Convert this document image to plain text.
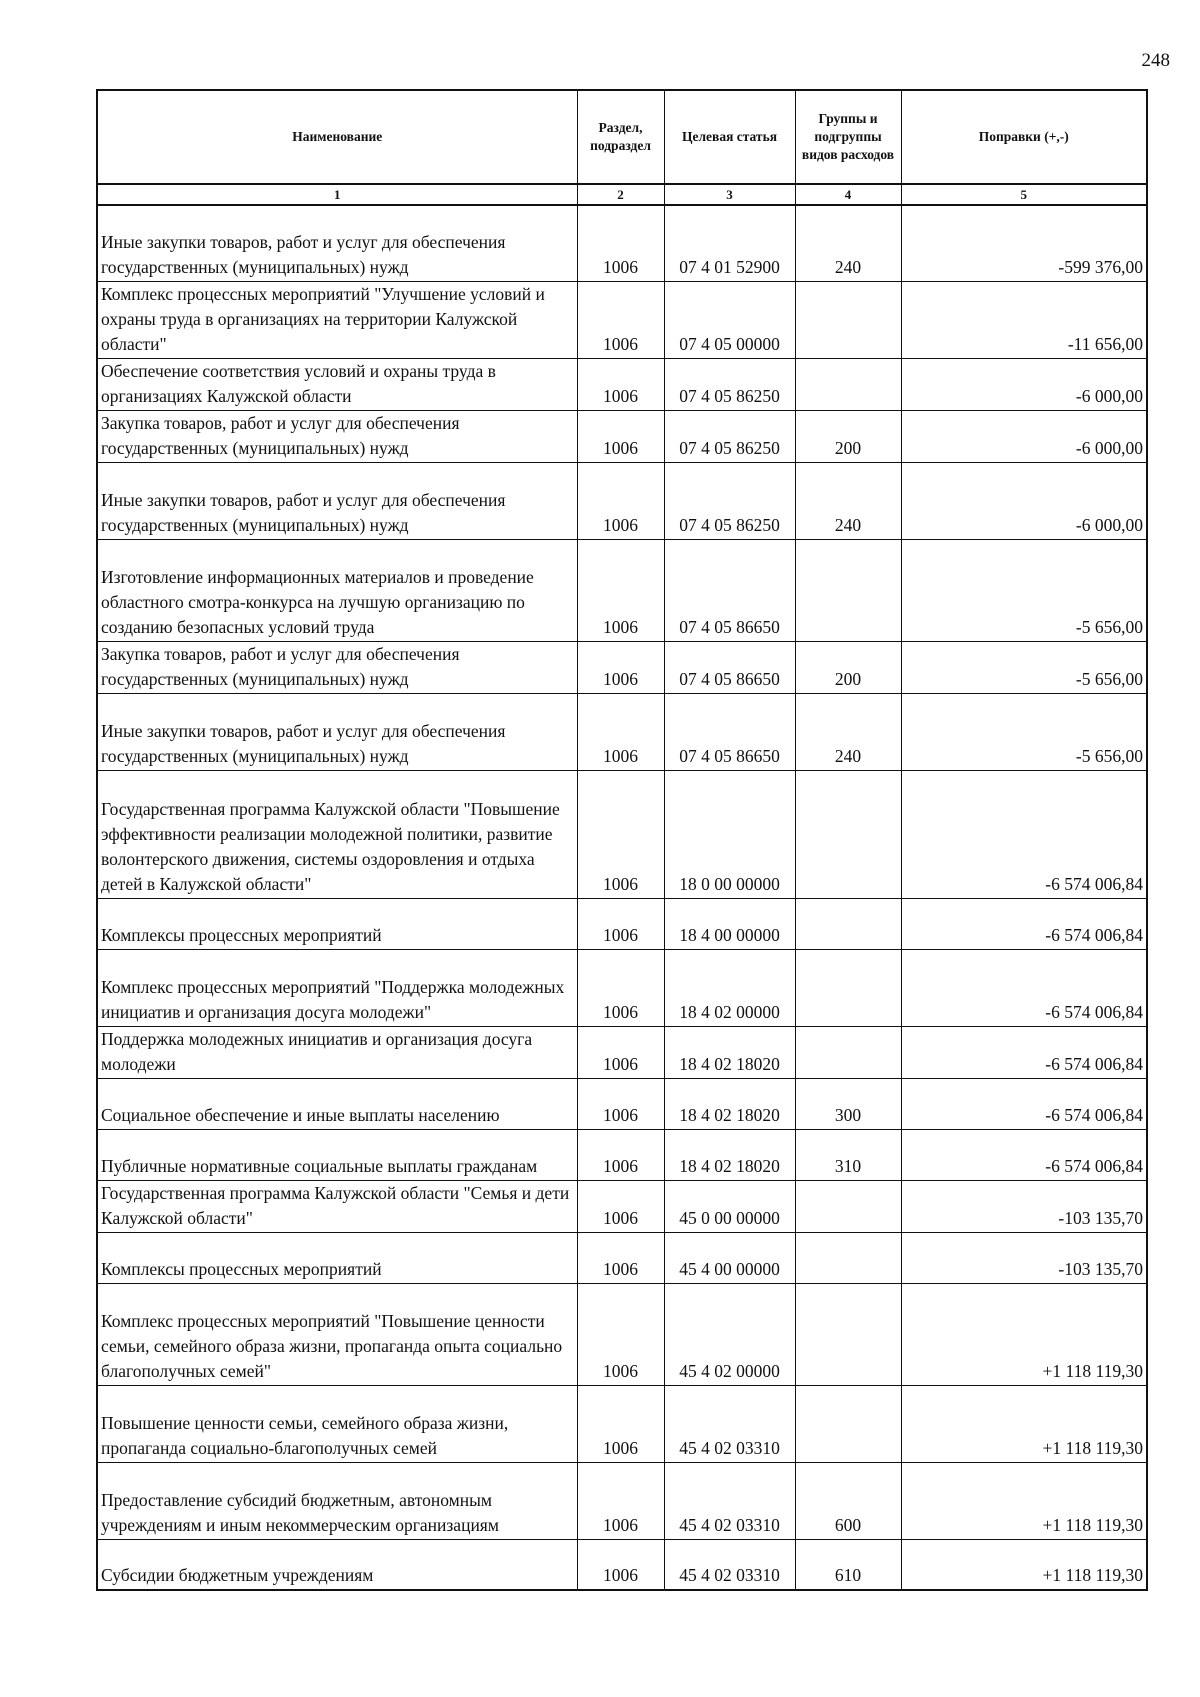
248
Наименование	Раздел, подраздел	Целевая статья	Группы и подгруппы видов расходов	Поправки (+,-)
1	2	3	4	5
Иные закупки товаров, работ и услуг для обеспечения государственных (муниципальных) нужд	1006	07 4 01 52900	240	-599 376,00
Комплекс процессных мероприятий "Улучшение условий и охраны труда в организациях на территории Калужской области"	1006	07 4 05 00000		-11 656,00
Обеспечение соответствия условий и охраны труда в организациях Калужской области	1006	07 4 05 86250		-6 000,00
Закупка товаров, работ и услуг для обеспечения государственных (муниципальных) нужд	1006	07 4 05 86250	200	-6 000,00
Иные закупки товаров, работ и услуг для обеспечения государственных (муниципальных) нужд	1006	07 4 05 86250	240	-6 000,00
Изготовление информационных материалов и проведение областного смотра-конкурса на лучшую организацию по созданию безопасных условий труда	1006	07 4 05 86650		-5 656,00
Закупка товаров, работ и услуг для обеспечения государственных (муниципальных) нужд	1006	07 4 05 86650	200	-5 656,00
Иные закупки товаров, работ и услуг для обеспечения государственных (муниципальных) нужд	1006	07 4 05 86650	240	-5 656,00
Государственная программа Калужской области "Повышение эффективности реализации молодежной политики, развитие волонтерского движения, системы оздоровления и отдыха детей в Калужской области"	1006	18 0 00 00000		-6 574 006,84
Комплексы процессных мероприятий	1006	18 4 00 00000		-6 574 006,84
Комплекс процессных мероприятий "Поддержка молодежных инициатив и организация досуга молодежи"	1006	18 4 02 00000		-6 574 006,84
Поддержка молодежных инициатив и организация досуга молодежи	1006	18 4 02 18020		-6 574 006,84
Социальное обеспечение и иные выплаты населению	1006	18 4 02 18020	300	-6 574 006,84
Публичные нормативные социальные выплаты гражданам	1006	18 4 02 18020	310	-6 574 006,84
Государственная программа Калужской области "Семья и дети Калужской области"	1006	45 0 00 00000		-103 135,70
Комплексы процессных мероприятий	1006	45 4 00 00000		-103 135,70
Комплекс процессных мероприятий "Повышение ценности семьи, семейного образа жизни, пропаганда опыта социально благополучных семей"	1006	45 4 02 00000		+1 118 119,30
Повышение ценности семьи, семейного образа жизни, пропаганда социально-благополучных семей	1006	45 4 02 03310		+1 118 119,30
Предоставление субсидий бюджетным, автономным учреждениям и иным некоммерческим организациям	1006	45 4 02 03310	600	+1 118 119,30
Субсидии бюджетным учреждениям	1006	45 4 02 03310	610	+1 118 119,30
